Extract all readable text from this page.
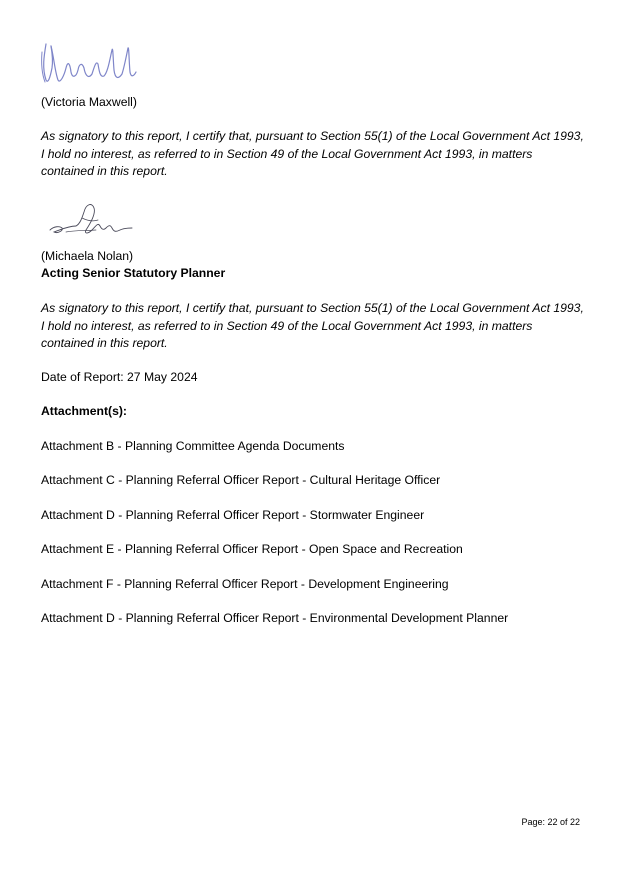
(Victoria Maxwell)
As signatory to this report, I certify that, pursuant to Section 55(1) of the Local Government Act 1993, I hold no interest, as referred to in Section 49 of the Local Government Act 1993, in matters contained in this report.
(Michaela Nolan)
Acting Senior Statutory Planner
As signatory to this report, I certify that, pursuant to Section 55(1) of the Local Government Act 1993, I hold no interest, as referred to in Section 49 of the Local Government Act 1993, in matters contained in this report.
Date of Report: 27 May 2024
Attachment(s):
Attachment B - Planning Committee Agenda Documents
Attachment C - Planning Referral Officer Report - Cultural Heritage Officer
Attachment D - Planning Referral Officer Report - Stormwater Engineer
Attachment E - Planning Referral Officer Report - Open Space and Recreation
Attachment F - Planning Referral Officer Report - Development Engineering
Attachment D - Planning Referral Officer Report - Environmental Development Planner
Page: 22 of 22
